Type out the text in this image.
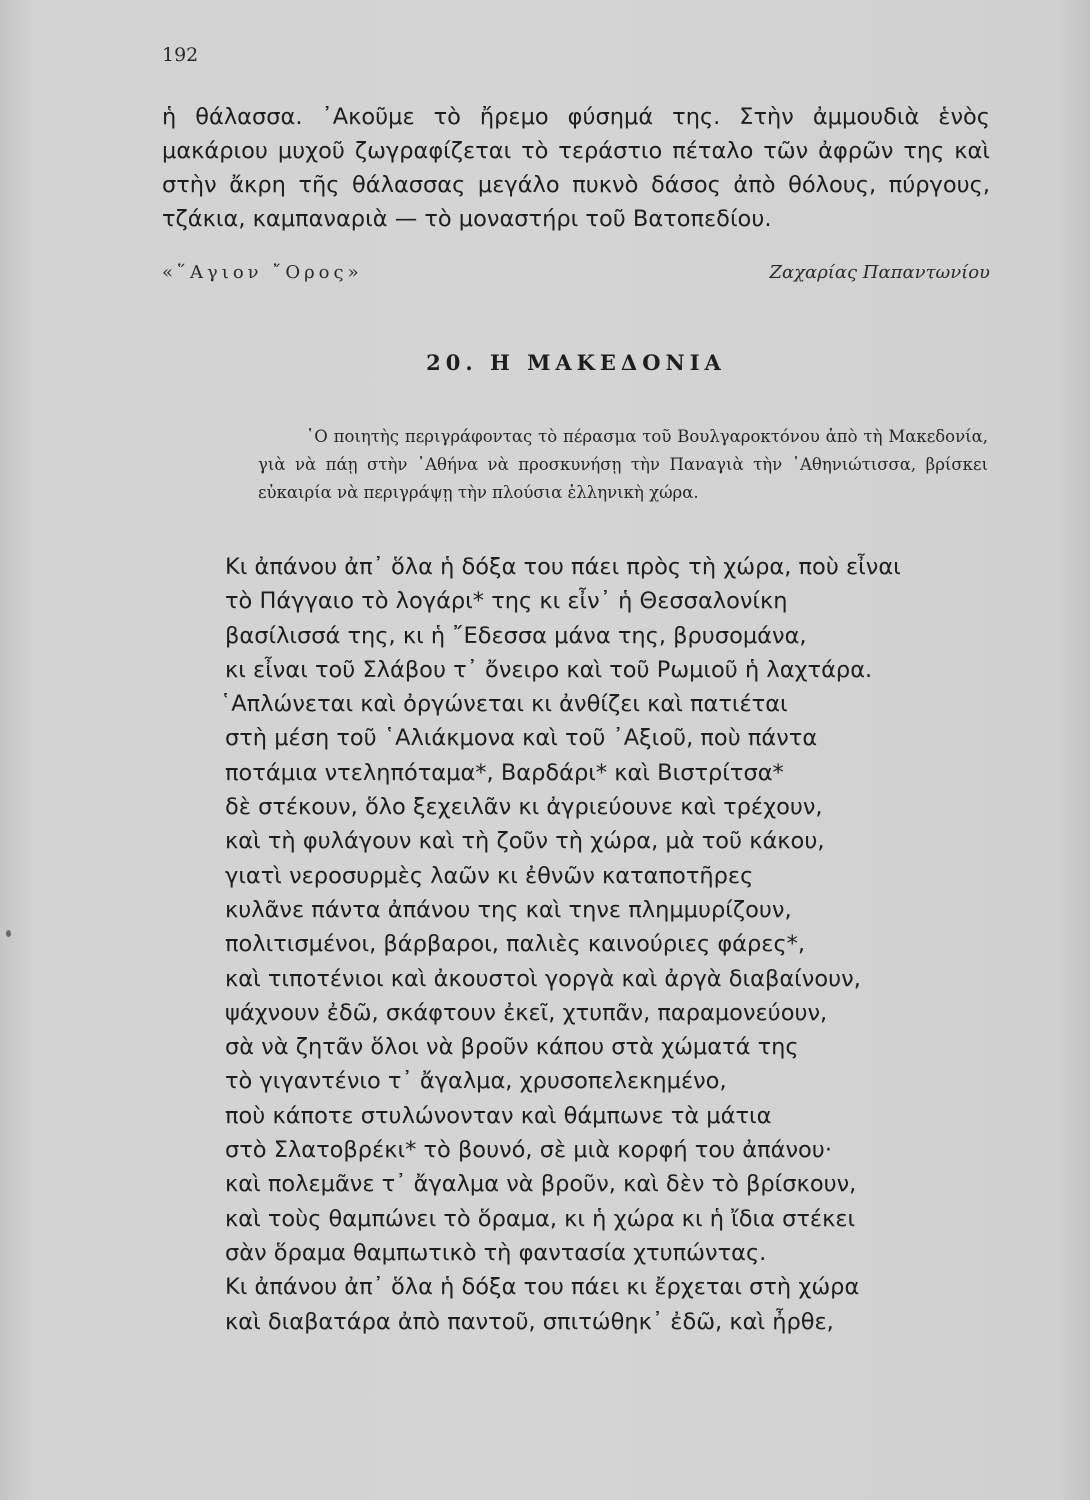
192

ἡ θάλασσα. ᾿Ακοῦμε τὸ ἤρεμο φύσημά της. Στὴν ἀμμουδιὰ ἑνὸς μακάριου μυχοῦ ζωγραφίζεται τὸ τεράστιο πέταλο τῶν ἀφρῶν της καὶ στὴν ἄκρη τῆς θάλασσας μεγάλο πυκνὸ δάσος ἀπὸ θόλους, πύργους, τζάκια, καμπαναριὰ — τὸ μοναστήρι τοῦ Βατοπεδίου.

«῞Αγιον ῎Ορος»	Ζαχαρίας Παπαντωνίου
20. Η ΜΑΚΕΔΟΝΙΑ

῾Ο ποιητὴς περιγράφοντας τὸ πέρασμα τοῦ Βουλγαροκτόνου ἀπὸ τὴ Μακεδονία, γιὰ νὰ πάῃ στὴν ᾿Αθήνα νὰ προσκυνήσῃ τὴν Παναγιὰ τὴν ᾿Αθηνιώτισσα, βρίσκει εὐκαιρία νὰ περιγράψῃ τὴν πλούσια ἑλληνικὴ χώρα.

Κι ἀπάνου ἀπ᾿ ὅλα ἡ δόξα του πάει πρὸς τὴ χώρα, ποὺ εἶναι
τὸ Πάγγαιο τὸ λογάρι* της κι εἶν᾿ ἡ Θεσσαλονίκη
βασίλισσά της, κι ἡ ῎Εδεσσα μάνα της, βρυσομάνα,
κι εἶναι τοῦ Σλάβου τ᾿ ὄνειρο καὶ τοῦ Ρωμιοῦ ἡ λαχτάρα.
῾Απλώνεται καὶ ὀργώνεται κι ἀνθίζει καὶ πατιέται
στὴ μέση τοῦ ῾Αλιάκμονα καὶ τοῦ ᾿Αξιοῦ, ποὺ πάντα
ποτάμια ντεληπόταμα*, Βαρδάρι* καὶ Βιστρίτσα*
δὲ στέκουν, ὅλο ξεχειλᾶν κι ἀγριεύουνε καὶ τρέχουν,
καὶ τὴ φυλάγουν καὶ τὴ ζοῦν τὴ χώρα, μὰ τοῦ κάκου,
γιατὶ νεροσυρμὲς λαῶν κι ἐθνῶν καταποτῆρες
κυλᾶνε πάντα ἀπάνου της καὶ τηνε πλημμυρίζουν,
πολιτισμένοι, βάρβαροι, παλιὲς καινούριες φάρες*,
καὶ τιποτένιοι καὶ ἀκουστοὶ γοργὰ καὶ ἀργὰ διαβαίνουν,
ψάχνουν ἐδῶ, σκάφτουν ἐκεῖ, χτυπᾶν, παραμονεύουν,
σὰ νὰ ζητᾶν ὅλοι νὰ βροῦν κάπου στὰ χώματά της
τὸ γιγαντένιο τ᾿ ἄγαλμα, χρυσοπελεκημένο,
ποὺ κάποτε στυλώνονταν καὶ θάμπωνε τὰ μάτια
στὸ Σλατοβρέκι* τὸ βουνό, σὲ μιὰ κορφή του ἀπάνου·
καὶ πολεμᾶνε τ᾿ ἄγαλμα νὰ βροῦν, καὶ δὲν τὸ βρίσκουν,
καὶ τοὺς θαμπώνει τὸ ὅραμα, κι ἡ χώρα κι ἡ ἴδια στέκει
σὰν ὅραμα θαμπωτικὸ τὴ φαντασία χτυπώντας.
Κι ἀπάνου ἀπ᾿ ὅλα ἡ δόξα του πάει κι ἔρχεται στὴ χώρα
καὶ διαβατάρα ἀπὸ παντοῦ, σπιτώθηκ᾿ ἐδῶ, καὶ ἦρθε,
